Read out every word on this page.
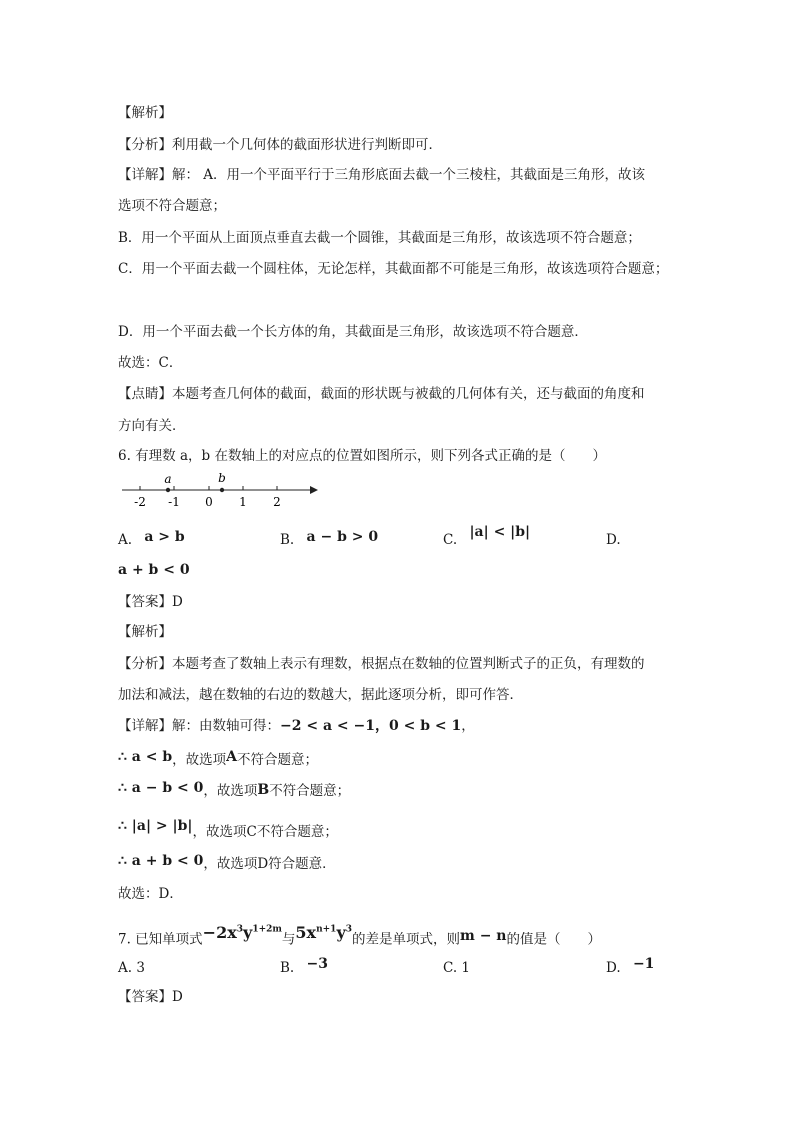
【解析】
【分析】利用截一个几何体的截面形状进行判断即可．
【详解】解： A．用一个平面平行于三角形底面去截一个三棱柱，其截面是三角形，故该
选项不符合题意；
B．用一个平面从上面顶点垂直去截一个圆锥，其截面是三角形，故该选项不符合题意；
C．用一个平面去截一个圆柱体，无论怎样，其截面都不可能是三角形，故该选项符合题意；
D．用一个平面去截一个长方体的角，其截面是三角形，故该选项不符合题意．
故选：C．
【点睛】本题考查几何体的截面，截面的形状既与被截的几何体有关，还与截面的角度和
方向有关．
6. 有理数 a，b 在数轴上的对应点的位置如图所示，则下列各式正确的是（　　）
-2 -1 0 1 2
a	b
A. a > b	B. a − b > 0	C. |a| < |b|	D.
a + b < 0
【答案】D
【解析】
【分析】本题考查了数轴上表示有理数，根据点在数轴的位置判断式子的正负，有理数的
加法和减法，越在数轴的右边的数越大，据此逐项分析，即可作答．
【详解】解：由数轴可得：−2 < a < −1，0 < b < 1，
∴ a < b，故选项A不符合题意；
∴ a − b < 0，故选项B不符合题意；
∴ |a| > |b|，故选项C不符合题意；
∴ a + b < 0，故选项D符合题意．
故选：D．
7. 已知单项式$-2x^3y^{1+2m}$与$5x^{n+1}y^3$的差是单项式，则m − n的值是（　　）
A. 3	B. −3	C. 1	D. −1
【答案】D
